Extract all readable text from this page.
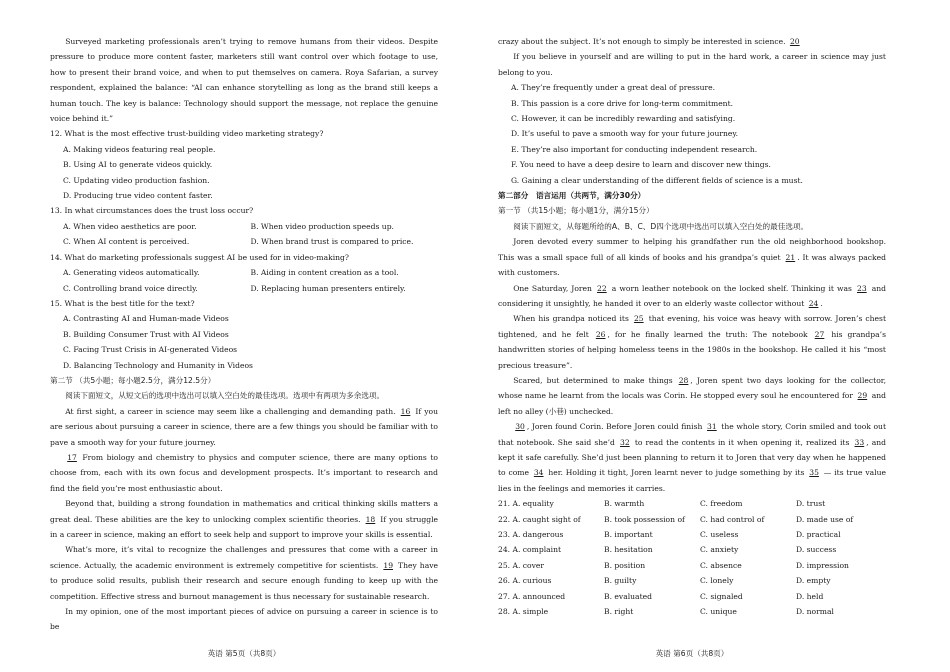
Surveyed marketing professionals aren’t trying to remove humans from their videos. Despite pressure to produce more content faster, marketers still want control over which footage to use, how to present their brand voice, and when to put themselves on camera. Roya Safarian, a survey respondent, explained the balance: “AI can enhance storytelling as long as the brand still keeps a human touch. The key is balance: Technology should support the message, not replace the genuine voice behind it.”

12. What is the most effective trust-building video marketing strategy?

A. Making videos featuring real people.

B. Using AI to generate videos quickly.

C. Updating video production fashion.

D. Producing true video content faster.

13. In what circumstances does the trust loss occur?

A. When video aesthetics are poor.	B. When video production speeds up.
C. When AI content is perceived.	D. When brand trust is compared to price.

14. What do marketing professionals suggest AI be used for in video-making?

A. Generating videos automatically.	B. Aiding in content creation as a tool.
C. Controlling brand voice directly.	D. Replacing human presenters entirely.

15. What is the best title for the text?

A. Contrasting AI and Human-made Videos

B. Building Consumer Trust with AI Videos

C. Facing Trust Crisis in AI-generated Videos

D. Balancing Technology and Humanity in Videos

第二节 （共5小题；每小题2.5分，满分12.5分）

阅读下面短文，从短文后的选项中选出可以填入空白处的最佳选项。选项中有两项为多余选项。

At first sight, a career in science may seem like a challenging and demanding path. 16 If you are serious about pursuing a career in science, there are a few things you should be familiar with to pave a smooth way for your future journey.

17 From biology and chemistry to physics and computer science, there are many options to choose from, each with its own focus and development prospects. It’s important to research and find the field you’re most enthusiastic about.

Beyond that, building a strong foundation in mathematics and critical thinking skills matters a great deal. These abilities are the key to unlocking complex scientific theories. 18 If you struggle in a career in science, making an effort to seek help and support to improve your skills is essential.

What’s more, it’s vital to recognize the challenges and pressures that come with a career in science. Actually, the academic environment is extremely competitive for scientists. 19 They have to produce solid results, publish their research and secure enough funding to keep up with the competition. Effective stress and burnout management is thus necessary for sustainable research.

In my opinion, one of the most important pieces of advice on pursuing a career in science is to be

crazy about the subject. It’s not enough to simply be interested in science. 20

If you believe in yourself and are willing to put in the hard work, a career in science may just belong to you.

A. They’re frequently under a great deal of pressure.

B. This passion is a core drive for long-term commitment.

C. However, it can be incredibly rewarding and satisfying.

D. It’s useful to pave a smooth way for your future journey.

E. They’re also important for conducting independent research.

F. You need to have a deep desire to learn and discover new things.

G. Gaining a clear understanding of the different fields of science is a must.

第二部分　语言运用（共两节，满分30分）

第一节 （共15小题；每小题1分，满分15分）

阅读下面短文，从每题所给的A、B、C、D四个选项中选出可以填入空白处的最佳选项。

Joren devoted every summer to helping his grandfather run the old neighborhood bookshop. This was a small space full of all kinds of books and his grandpa’s quiet 21 . It was always packed with customers.

One Saturday, Joren 22 a worn leather notebook on the locked shelf. Thinking it was 23 and considering it unsightly, he handed it over to an elderly waste collector without 24 .

When his grandpa noticed its 25 that evening, his voice was heavy with sorrow. Joren’s chest tightened, and he felt 26 , for he finally learned the truth: The notebook 27 his grandpa’s handwritten stories of helping homeless teens in the 1980s in the bookshop. He called it his “most precious treasure”.

Scared, but determined to make things 28 , Joren spent two days looking for the collector, whose name he learnt from the locals was Corin. He stopped every soul he encountered for 29 and left no alley (小巷) unchecked.

30 , Joren found Corin. Before Joren could finish 31 the whole story, Corin smiled and took out that notebook. She said she’d 32 to read the contents in it when opening it, realized its 33 , and kept it safe carefully. She’d just been planning to return it to Joren that very day when he happened to come 34 her. Holding it tight, Joren learnt never to judge something by its 35 — its true value lies in the feelings and memories it carries.

21. A. equality	B. warmth	C. freedom	D. trust
22. A. caught sight of	B. took possession of	C. had control of	D. made use of
23. A. dangerous	B. important	C. useless	D. practical
24. A. complaint	B. hesitation	C. anxiety	D. success
25. A. cover	B. position	C. absence	D. impression
26. A. curious	B. guilty	C. lonely	D. empty
27. A. announced	B. evaluated	C. signaled	D. held
28. A. simple	B. right	C. unique	D. normal
英语 第5页（共8页）	英语 第6页（共8页）
